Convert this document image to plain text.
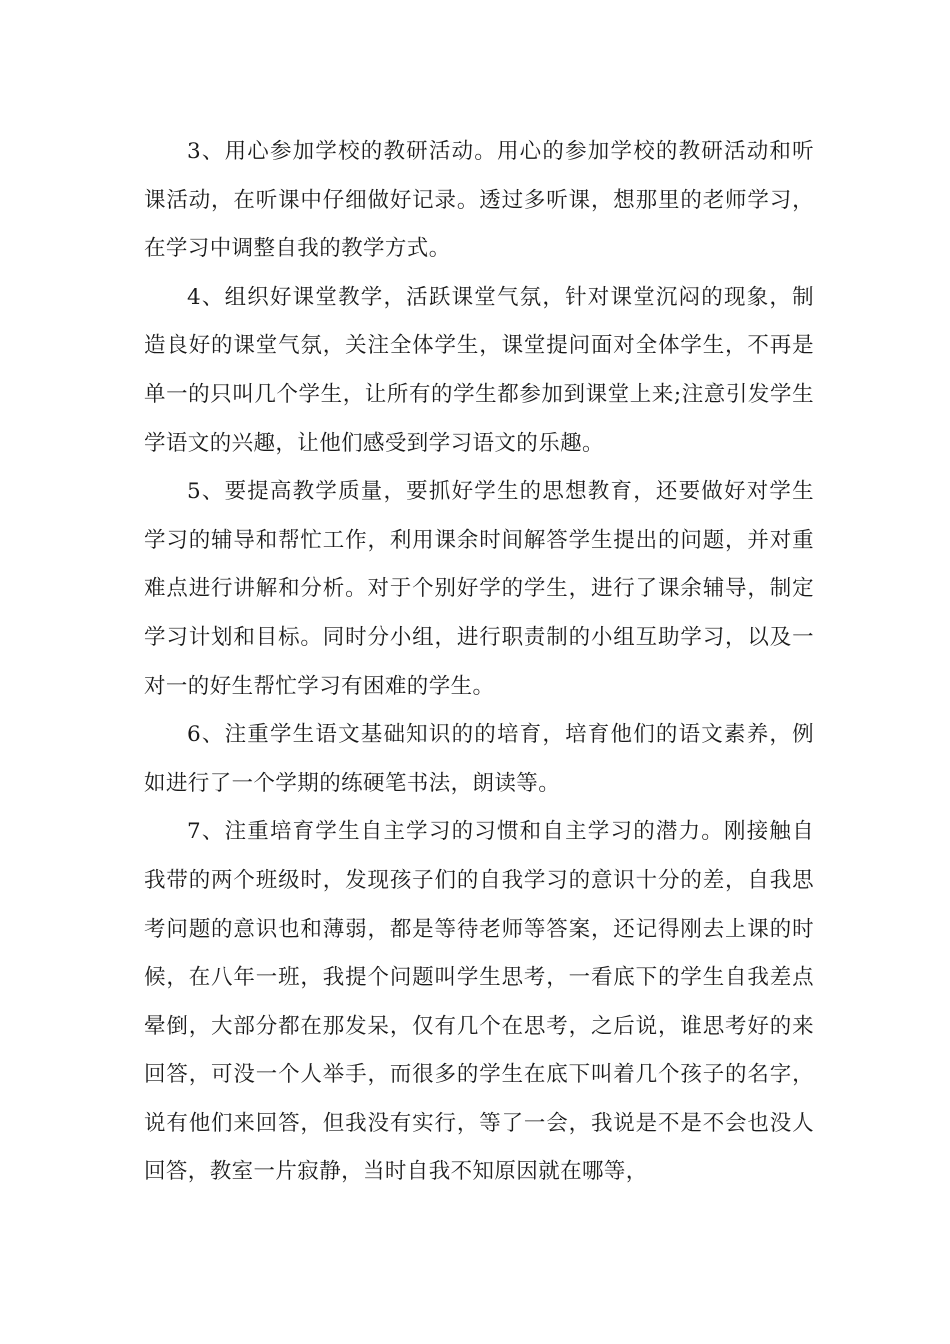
3、用心参加学校的教研活动。用心的参加学校的教研活动和听课活动，在听课中仔细做好记录。透过多听课，想那里的老师学习，在学习中调整自我的教学方式。

4、组织好课堂教学，活跃课堂气氛，针对课堂沉闷的现象，制造良好的课堂气氛，关注全体学生，课堂提问面对全体学生，不再是单一的只叫几个学生，让所有的学生都参加到课堂上来;注意引发学生学语文的兴趣，让他们感受到学习语文的乐趣。

5、要提高教学质量，要抓好学生的思想教育，还要做好对学生学习的辅导和帮忙工作，利用课余时间解答学生提出的问题，并对重难点进行讲解和分析。对于个别好学的学生，进行了课余辅导，制定学习计划和目标。同时分小组，进行职责制的小组互助学习，以及一对一的好生帮忙学习有困难的学生。

6、注重学生语文基础知识的的培育，培育他们的语文素养，例如进行了一个学期的练硬笔书法，朗读等。

7、注重培育学生自主学习的习惯和自主学习的潜力。刚接触自我带的两个班级时，发现孩子们的自我学习的意识十分的差，自我思考问题的意识也和薄弱，都是等待老师等答案，还记得刚去上课的时候，在八年一班，我提个问题叫学生思考，一看底下的学生自我差点晕倒，大部分都在那发呆，仅有几个在思考，之后说，谁思考好的来回答，可没一个人举手，而很多的学生在底下叫着几个孩子的名字，说有他们来回答，但我没有实行，等了一会，我说是不是不会也没人回答，教室一片寂静，当时自我不知原因就在哪等，
